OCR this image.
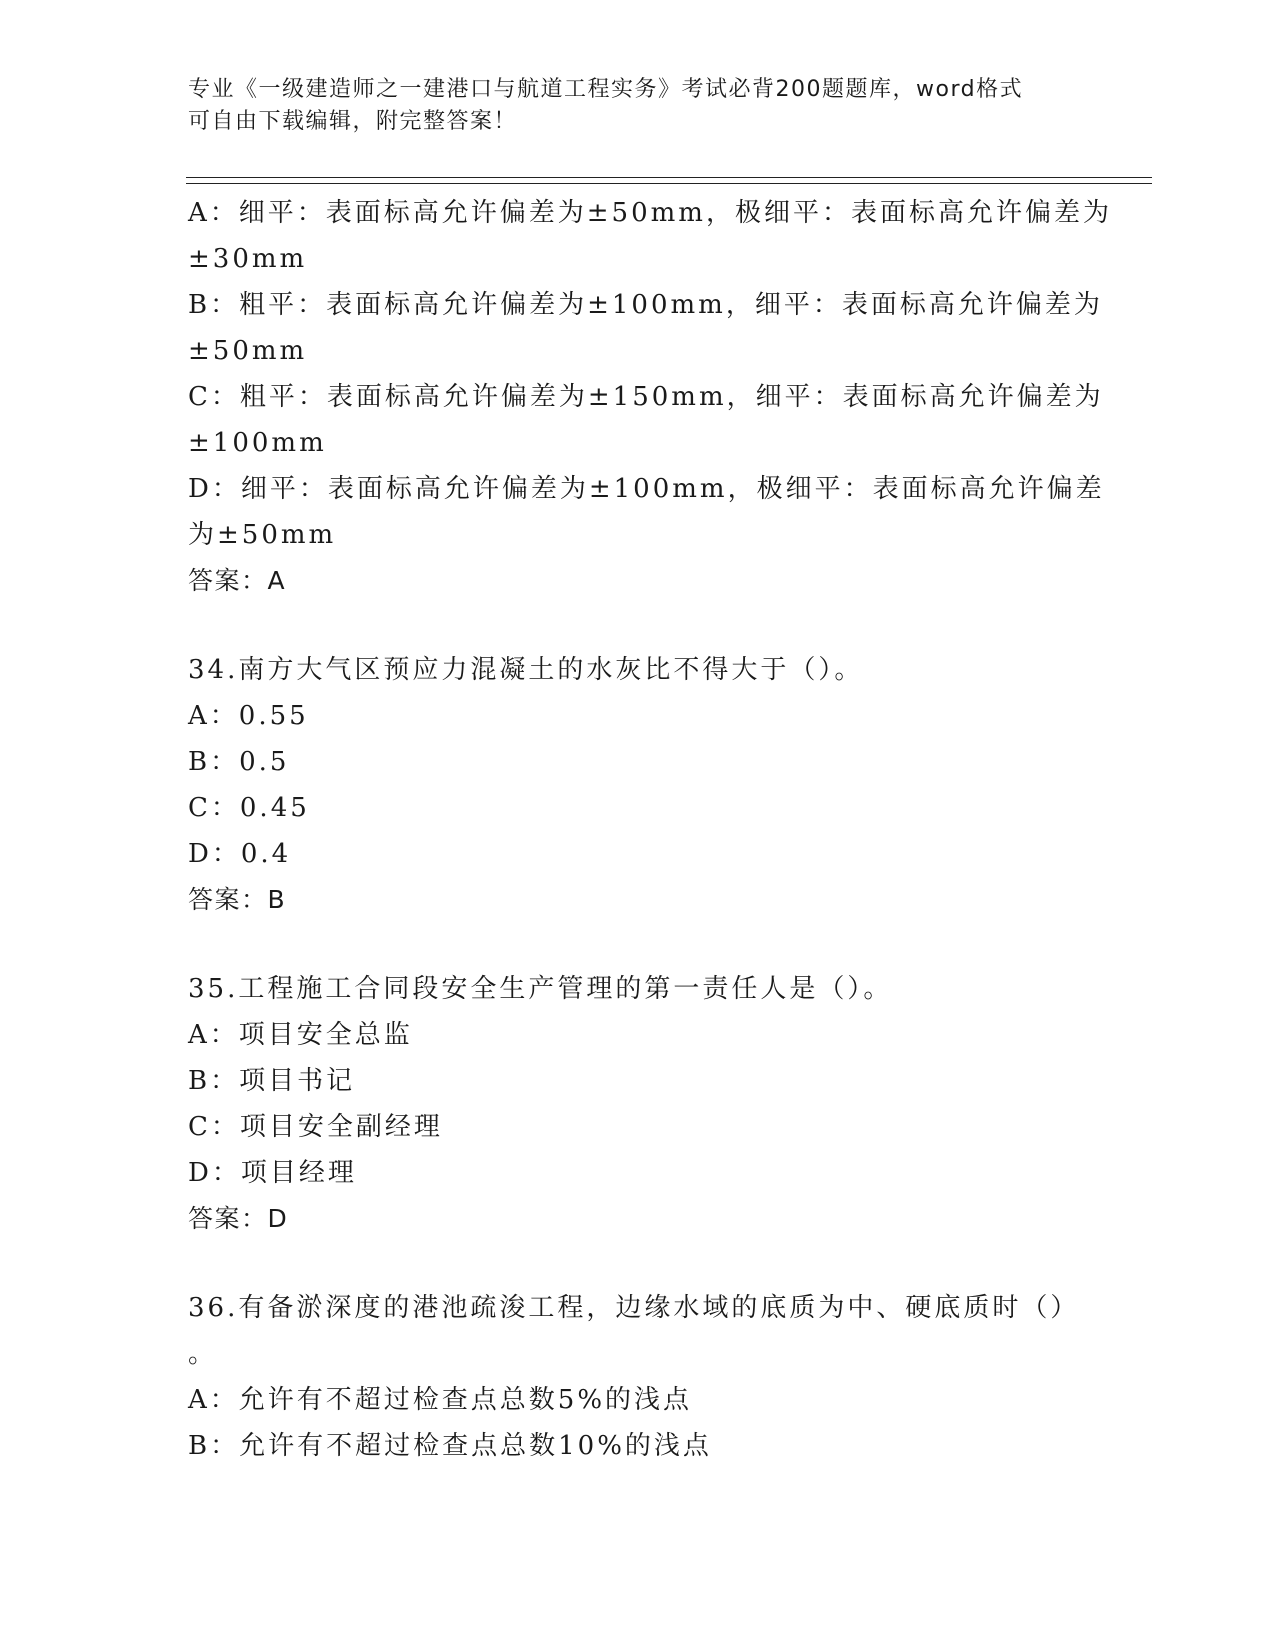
专业《一级建造师之一建港口与航道工程实务》考试必背200题题库，word格式
可自由下载编辑，附完整答案！
A：细平：表面标高允许偏差为±50mm，极细平：表面标高允许偏差为
±30mm
B：粗平：表面标高允许偏差为±100mm，细平：表面标高允许偏差为
±50mm
C：粗平：表面标高允许偏差为±150mm，细平：表面标高允许偏差为
±100mm
D：细平：表面标高允许偏差为±100mm，极细平：表面标高允许偏差
为±50mm
答案：A
34.南方大气区预应力混凝土的水灰比不得大于（）。
A：0.55
B：0.5
C：0.45
D：0.4
答案：B
35.工程施工合同段安全生产管理的第一责任人是（）。
A：项目安全总监
B：项目书记
C：项目安全副经理
D：项目经理
答案：D
36.有备淤深度的港池疏浚工程，边缘水域的底质为中、硬底质时（）
。
A：允许有不超过检查点总数5%的浅点
B：允许有不超过检查点总数10%的浅点
